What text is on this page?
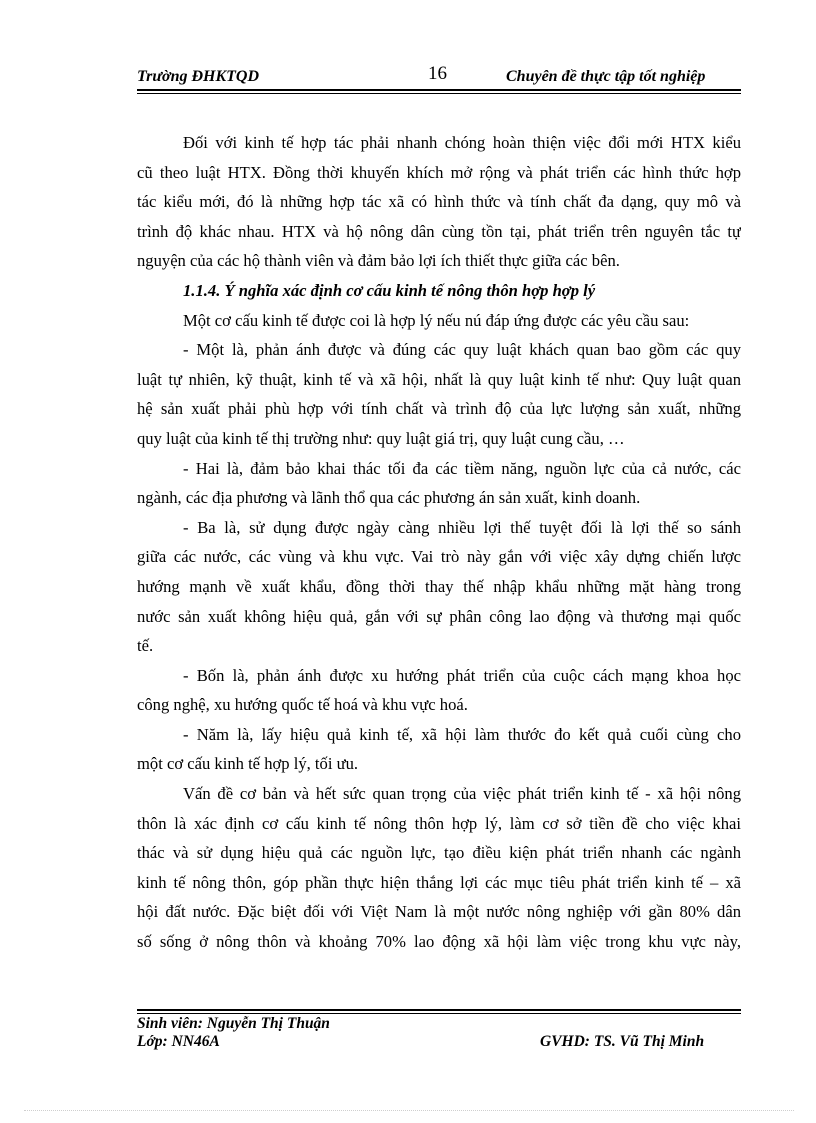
Trường ĐHKTQD	16	Chuyên đề thực tập tốt nghiệp

Đối với kinh tế hợp tác phải nhanh chóng hoàn thiện việc đổi mới HTX kiểu

cũ theo luật HTX. Đồng thời khuyến khích mở rộng và phát triển các hình thức hợp

tác kiểu mới, đó là những hợp tác xã có hình thức và tính chất đa dạng, quy mô và

trình độ khác nhau. HTX và hộ nông dân cùng tồn tại, phát triển trên nguyên tắc tự

nguyện của các hộ thành viên và đảm bảo lợi ích thiết thực giữa các bên.

1.1.4. Ý nghĩa xác định cơ cấu kinh tế nông thôn hợp hợp lý

Một cơ cấu kinh tế được coi là hợp lý nếu nú đáp ứng được các yêu cầu sau:

- Một là, phản ánh được và đúng các quy luật khách quan bao gồm các quy

luật tự nhiên, kỹ thuật, kinh tế và xã hội, nhất là quy luật kinh tế như: Quy luật quan

hệ sản xuất phải phù hợp với tính chất và trình độ của lực lượng sản xuất, những

quy luật của kinh tế thị trường như: quy luật giá trị, quy luật cung cầu, …

- Hai là, đảm bảo khai thác tối đa các tiềm năng, nguồn lực của cả nước, các

ngành, các địa phương và lãnh thổ qua các phương án sản xuất, kinh doanh.

- Ba là, sử dụng được ngày càng nhiều lợi thế tuyệt đối là lợi thế so sánh

giữa các nước, các vùng và khu vực. Vai trò này gắn với việc xây dựng chiến lược

hướng mạnh về xuất khẩu, đồng thời thay thế nhập khẩu những mặt hàng trong

nước sản xuất không hiệu quả, gắn với sự phân công lao động và thương mại quốc

tế.

- Bốn là, phản ánh được xu hướng phát triển của cuộc cách mạng khoa học

công nghệ, xu hướng quốc tế hoá và khu vực hoá.

- Năm là, lấy hiệu quả kinh tế, xã hội làm thước đo kết quả cuối cùng cho

một cơ cấu kinh tế hợp lý, tối ưu.

Vấn đề cơ bản và hết sức quan trọng của việc phát triển kinh tế - xã hội nông

thôn là xác định cơ cấu kinh tế nông thôn hợp lý, làm cơ sở tiền đề cho việc khai

thác và sử dụng hiệu quả các nguồn lực, tạo điều kiện phát triển nhanh các ngành

kinh tế nông thôn, góp phần thực hiện thắng lợi các mục tiêu phát triển kinh tế – xã

hội đất nước. Đặc biệt đối với Việt Nam là một nước nông nghiệp với gần 80% dân

số sống ở nông thôn và khoảng 70% lao động xã hội làm việc trong khu vực này,

Sinh viên: Nguyễn Thị Thuận
Lớp: NN46A	GVHD: TS. Vũ Thị Minh
